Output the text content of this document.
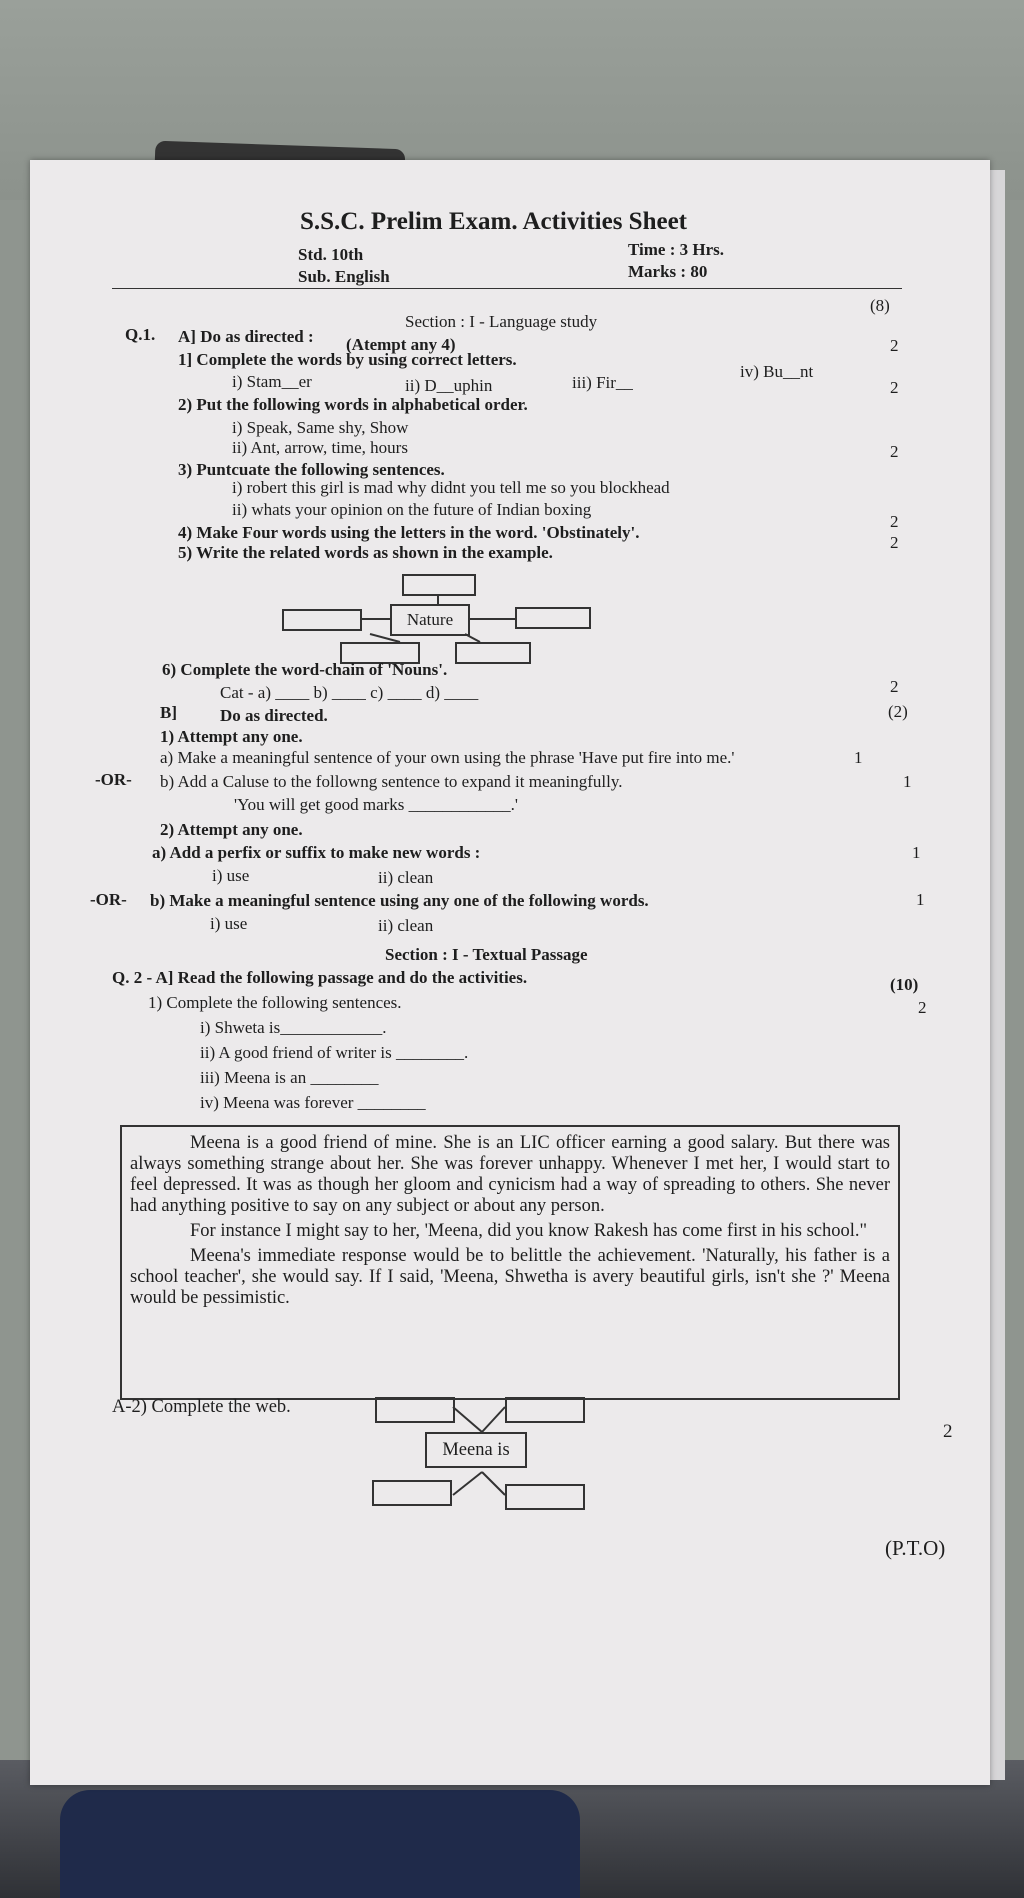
S.S.C. Prelim Exam. Activities Sheet
Std. 10th
Sub. English
Time : 3 Hrs.
Marks : 80
Section : I - Language study
(8)
Q.1. A] Do as directed : (Atempt any 4)
1] Complete the words by using correct letters.
2
i) Stam__er	ii) D__uphin	iii) Fir__
iv) Bu__nt
2) Put the following words in alphabetical order.
2
i) Speak, Same shy, Show
ii) Ant, arrow, time, hours
3) Puntcuate the following sentences.
2
i) robert this girl is mad why didnt you tell me so you blockhead
ii) whats your opinion on the future of Indian boxing
4) Make Four words using the letters in the word. 'Obstinately'.
2
5) Write the related words as shown in the example.
2
Nature
6) Complete the word-chain of 'Nouns'.
Cat - a) ____ b) ____ c) ____ d) ____	2
B]	Do as directed.	(2)
1) Attempt any one.
a) Make a meaningful sentence of your own using the phrase 'Have put fire into me.'	1
-OR- b) Add a Caluse to the followng sentence to expand it meaningfully.	1
'You will get good marks ____________.'
2) Attempt any one.
a) Add a perfix or suffix to make new words :	1
i) use	ii) clean
-OR- b) Make a meaningful sentence using any one of the following words.	1
i) use	ii) clean
Section : I - Textual Passage
Q. 2 - A] Read the following passage and do the activities.	(10)
1) Complete the following sentences.	2
i) Shweta is____________.
ii) A good friend of writer is ________.
iii) Meena is an ________
iv) Meena was forever ________

Meena is a good friend of mine. She is an LIC officer earning a good salary. But there was always something strange about her. She was forever unhappy. Whenever I met her, I would start to feel depressed. It was as though her gloom and cynicism had a way of spreading to others. She never had anything positive to say on any subject or about any person.

For instance I might say to her, 'Meena, did you know Rakesh has come first in his school."

Meena's immediate response would be to belittle the achievement. 'Naturally, his father is a school teacher', she would say. If I said, 'Meena, Shwetha is avery beautiful girls, isn't she ?' Meena would be pessimistic.

A-2) Complete the web.
Meena is
2
(P.T.O)
